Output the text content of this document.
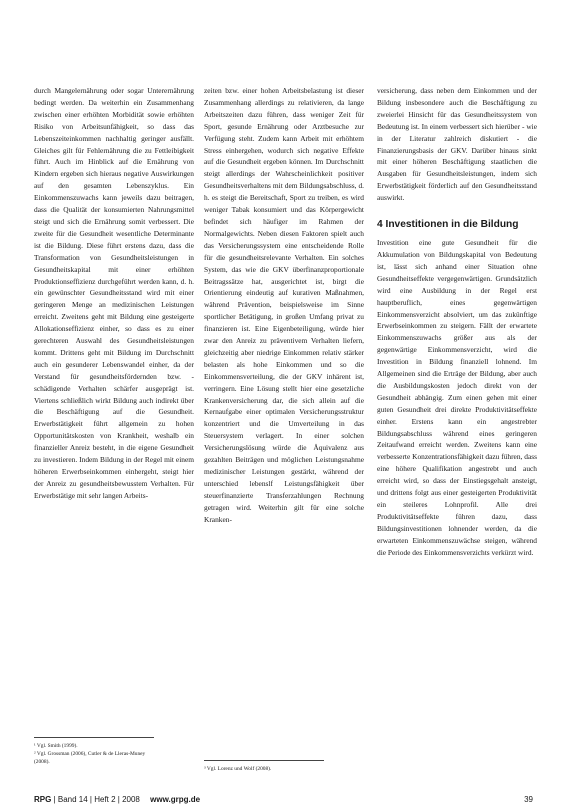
durch Mangelernährung oder sogar Unterernährung bedingt werden. Da weiterhin ein Zusammenhang zwischen einer erhöhten Morbidität sowie erhöhten Risiko von Arbeitsunfähigkeit, so dass das Lebenszeiteinkommen nachhaltig geringer ausfällt. Gleiches gilt für Fehlernährung die zu Fettleibigkeit führt. Auch im Hinblick auf die Ernährung von Kindern ergeben sich hieraus negative Auswirkungen auf den gesamten Lebenszyklus. Ein Einkommenszuwachs kann jeweils dazu beitragen, dass die Qualität der konsumierten Nahrungsmittel steigt und sich die Ernährung somit verbessert. Die zweite für die Gesundheit wesentliche Determinante ist die Bildung. Diese führt erstens dazu, dass die Transformation von Gesundheitsleistungen in Gesundheitskapital mit einer erhöhten Produktionseffizienz durchgeführt werden kann, d. h. ein gewünschter Gesundheitsstand wird mit einer geringeren Menge an medizinischen Leistungen erreicht. Zweitens geht mit Bildung eine gesteigerte Allokationseffizienz einher, so dass es zu einer gerechteren Auswahl des Gesundheitsleistungen kommt. Drittens geht mit Bildung im Durchschnitt auch ein gesunderer Lebenswandel einher, da der Verstand für gesundheitsfördernden bzw. -schädigende Verhalten schärfer ausgeprägt ist. Viertens schließlich wirkt Bildung auch indirekt über die Beschäftigung auf die Gesundheit. Erwerbstätigkeit führt allgemein zu hohen Opportunitätskosten von Krankheit, weshalb ein finanzieller Anreiz besteht, in die eigene Gesundheit zu investieren. Indem Bildung in der Regel mit einem höheren Erwerbseinkommen einhergeht, steigt hier der Anreiz zu gesundheitsbewusstem Verhalten. Für Erwerbstätige mit sehr langen Arbeits-

zeiten bzw. einer hohen Arbeitsbelastung ist dieser Zusammenhang allerdings zu relativieren, da lange Arbeitszeiten dazu führen, dass weniger Zeit für Sport, gesunde Ernährung oder Arztbesuche zur Verfügung steht. Zudem kann Arbeit mit erhöhtem Stress einhergehen, wodurch sich negative Effekte auf die Gesundheit ergeben können. Im Durchschnitt steigt allerdings der Wahrscheinlichkeit positiver Gesundheitsverhaltens mit dem Bildungsabschluss, d. h. es steigt die Bereitschaft, Sport zu treiben, es wird weniger Tabak konsumiert und das Körpergewicht befindet sich häufiger im Rahmen der Normalgewichts. Neben diesen Faktoren spielt auch das Versicherungssystem eine entscheidende Rolle für die gesundheitsrelevante Verhalten. Ein solches System, das wie die GKV überfinanzproportionale Beitragssätze hat, ausgerichtet ist, birgt die Orientierung eindeutig auf kurativen Maßnahmen, während Prävention, beispielsweise im Sinne sportlicher Betätigung, in großen Umfang privat zu finanzieren ist. Eine Eigenbeteiligung, würde hier zwar den Anreiz zu präventivem Verhalten liefern, gleichzeitig aber niedrige Einkommen relativ stärker belasten als hohe Einkommen und so die Einkommensverteilung, die der GKV inhärent ist, verringern. Eine Lösung stellt hier eine gesetzliche Krankenversicherung dar, die sich allein auf die Kernaufgabe einer optimalen Versicherungsstruktur konzentriert und die Umverteilung in das Steuersystem verlagert. In einer solchen Versicherungslösung würde die Äquivalenz aus gezahlten Beiträgen und möglichen Leistungsnahme medizinischer Leistungen gestärkt, während der unterschied lebenslf Leistungsfähigkeit über steuerfinanzierte Transferzahlungen Rechnung getragen wird. Weiterhin gilt für eine solche Kranken-

versicherung, dass neben dem Einkommen und der Bildung insbesondere auch die Beschäftigung zu zweierlei Hinsicht für das Gesundheitssystem von Bedeutung ist. In einem verbessert sich hierüber - wie in der Literatur zahlreich diskutiert - die Finanzierungsbasis der GKV. Darüber hinaus sinkt mit einer höheren Beschäftigung staatlichen die Ausgaben für Gesundheitsleistungen, indem sich Erwerbstätigkeit förderlich auf den Gesundheitsstand auswirkt.

4 Investitionen in die Bildung

Investition eine gute Gesundheit für die Akkumulation von Bildungskapital von Bedeutung ist, lässt sich anhand einer Situation ohne Gesundheitseffekte vergegenwärtigen. Grundsätzlich wird eine Ausbildung in der Regel erst hauptberuflich, eines gegenwärtigen Einkommensverzicht absolviert, um das zukünftige Erwerbseinkommen zu steigern. Fällt der erwartete Einkommenszuwachs größer aus als der gegenwärtige Einkommensverzicht, wird die Investition in Bildung finanziell lohnend. Im Allgemeinen sind die Erträge der Bildung, aber auch die Ausbildungskosten jedoch direkt von der Gesundheit abhängig. Zum einen gehen mit einer guten Gesundheit drei direkte Produktivitätseffekte einher. Erstens kann ein angestrebter Bildungsabschluss während eines geringeren Zeitaufwand erreicht werden. Zweitens kann eine verbesserte Konzentrationsfähigkeit dazu führen, dass eine höhere Qualifikation angestrebt und auch erreicht wird, so dass der Einstiegsgehalt ansteigt, und drittens folgt aus einer gesteigerten Produktivität ein steileres Lohnprofil. Alle drei Produktivitätseffekte führen dazu, dass Bildungsinvestitionen lohnender werden, da die erwarteten Einkommenszuwächse steigen, während die Periode des Einkommensverzichts verkürzt wird.

¹ Vgl. Smith (1999).
² Vgl. Grossman (2006), Cutler & de Lleras-Muney (2008).
³ Vgl. Lorenz und Wolf (2008).
RPG | Band 14 | Heft 2 | 2008 www.grpg.de	39
